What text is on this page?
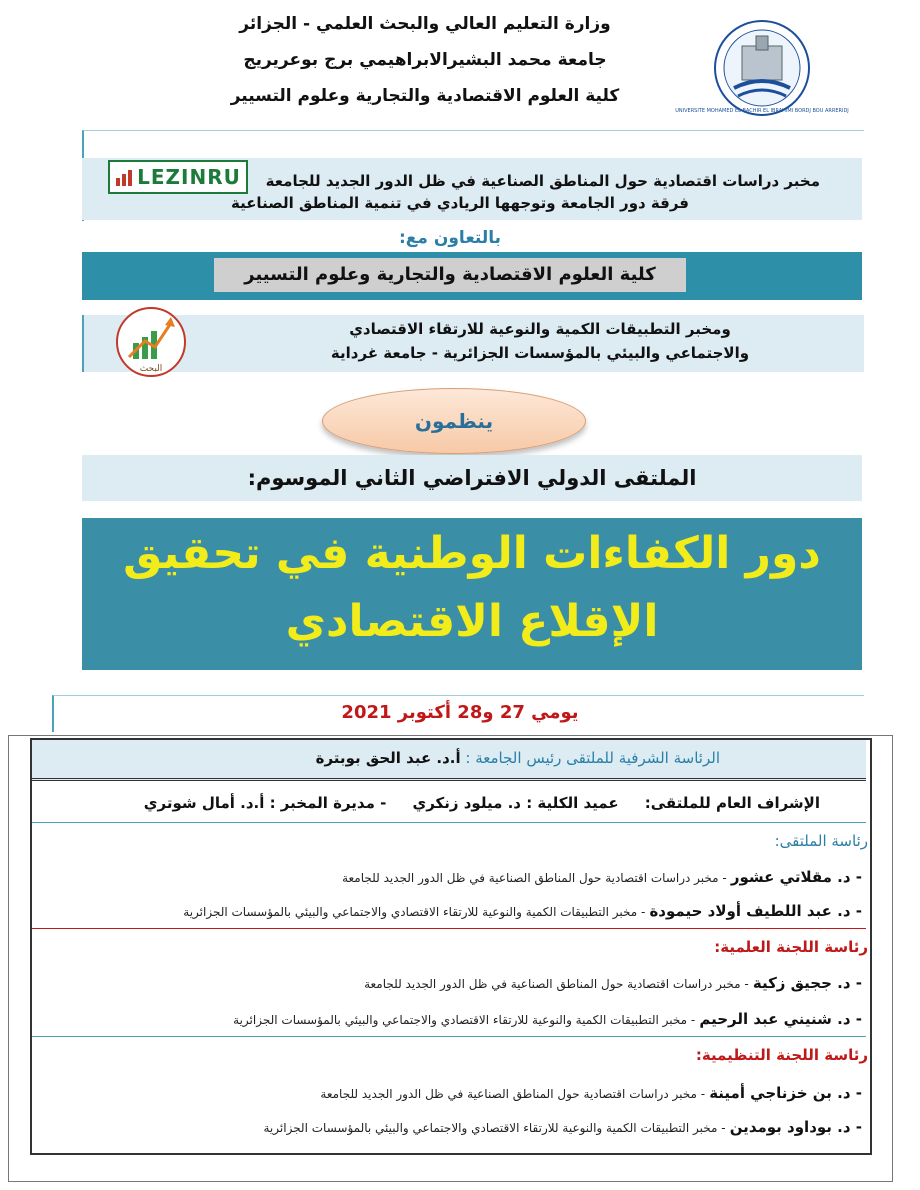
وزارة التعليم العالي والبحث العلمي - الجزائر
جامعة محمد البشيرالابراهيمي برج بوعريريج
كلية العلوم الاقتصادية والتجارية وعلوم التسيير
UNIVERSITE MOHAMED EL BACHIR EL IBRAHIMI BORDJ BOU ARRERIDJ
LEZINRU	مخبر دراسات اقتصادية حول المناطق الصناعية في ظل الدور الجديد للجامعة
فرقة دور الجامعة وتوجهها الريادي في تنمية المناطق الصناعية
بالتعاون مع:
كلية العلوم الاقتصادية والتجارية وعلوم التسيير
البحث
ومخبر التطبيقات الكمية والنوعية للارتقاء الاقتصادي
والاجتماعي والبيئي بالمؤسسات الجزائرية - جامعة غرداية
ينظمون
الملتقى الدولي الافتراضي الثاني الموسوم:
دور الكفاءات الوطنية في تحقيق
الإقلاع الاقتصادي
يومي 27 و28 أكتوبر 2021
الرئاسة الشرفية للملتقى رئيس الجامعة : أ.د. عبد الحق بوبترة
الإشراف العام للملتقى:     عميد الكلية : د. ميلود زنكري     - مديرة المخبر : أ.د. أمال شوتري
رئاسة الملتقى:
- د. مقلاتي عشور - مخبر دراسات اقتصادية حول المناطق الصناعية في ظل الدور الجديد للجامعة
- د. عبد اللطيف أولاد حيمودة - مخبر التطبيقات الكمية والنوعية للارتقاء الاقتصادي والاجتماعي والبيئي بالمؤسسات الجزائرية
رئاسة اللجنة العلمية:
- د. ججيق زكية - مخبر دراسات اقتصادية حول المناطق الصناعية في ظل الدور الجديد للجامعة
- د. شنيني عبد الرحيم - مخبر التطبيقات الكمية والنوعية للارتقاء الاقتصادي والاجتماعي والبيئي بالمؤسسات الجزائرية
رئاسة اللجنة التنظيمية:
- د. بن خزناجي أمينة - مخبر دراسات اقتصادية حول المناطق الصناعية في ظل الدور الجديد للجامعة
- د. بوداود بومدين - مخبر التطبيقات الكمية والنوعية للارتقاء الاقتصادي والاجتماعي والبيئي بالمؤسسات الجزائرية
